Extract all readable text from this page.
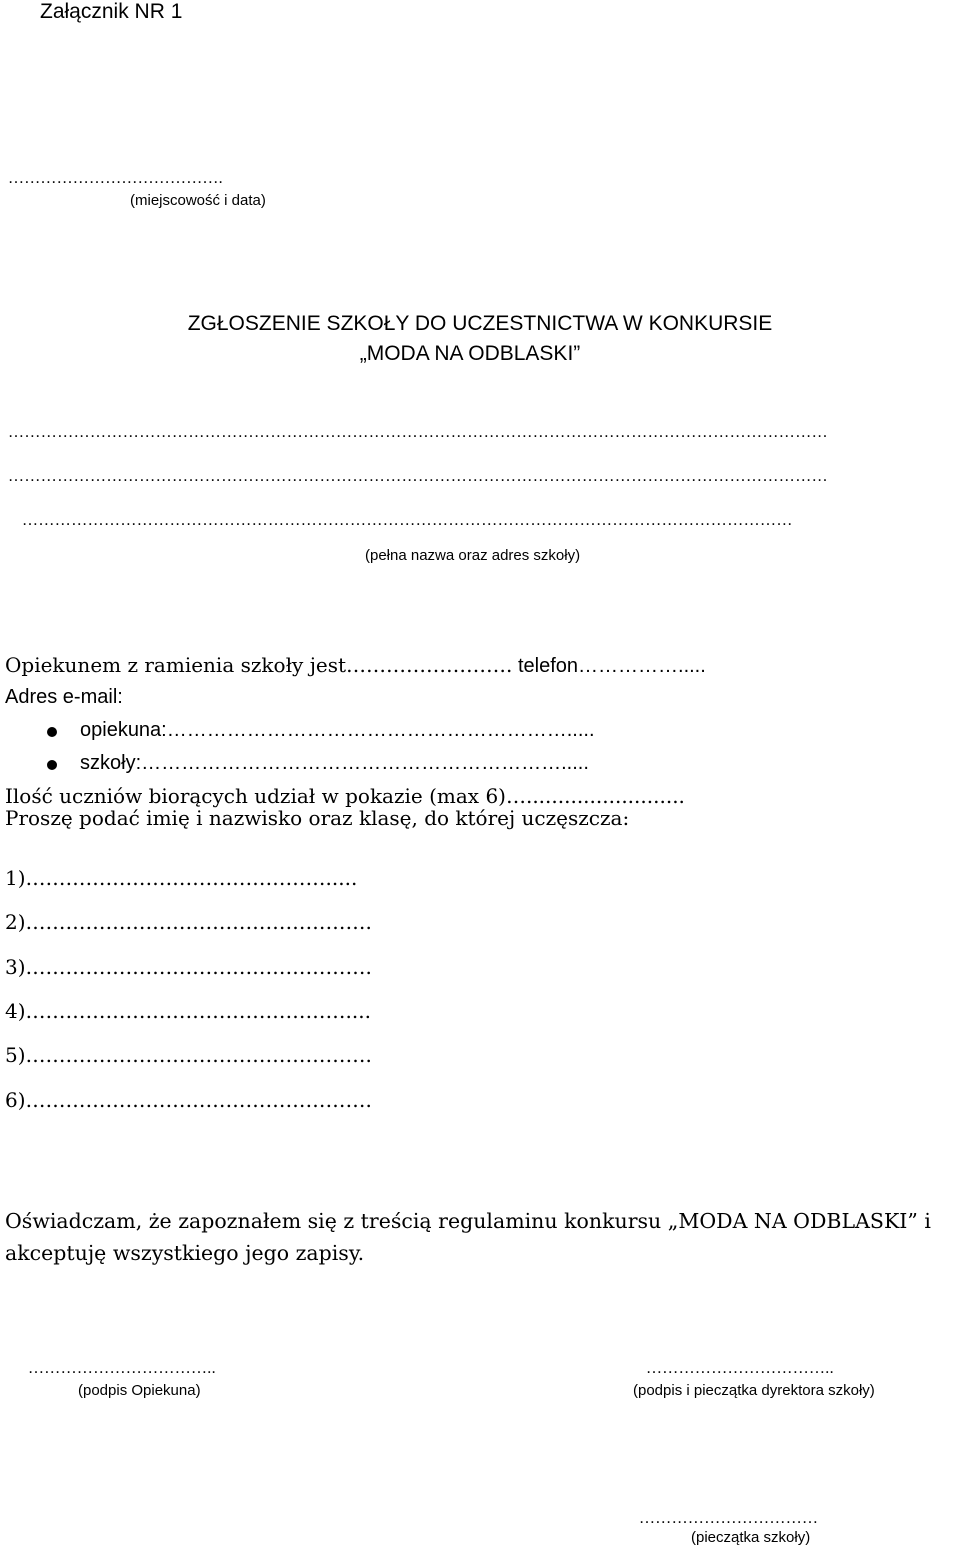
Załącznik NR 1
………………………………….
(miejscowość i data)
ZGŁOSZENIE SZKOŁY DO UCZESTNICTWA W KONKURSIE
„MODA NA ODBLASKI”
……………………………………………………………………………………………………………………………………
……………………………………………………………………………………………………………………………………
……………………………………………………………………………………………………………………………
(pełna nazwa oraz adres szkoły)
Opiekunem z ramienia szkoły jest……………………. telefon…………….....
Adres e-mail:
opiekuna:…………………………………………………….....
szkoły:……………………………………………………….....
Ilość uczniów biorących udział w pokazie (max 6)….........................
Proszę podać imię i nazwisko oraz klasę, do której uczęszcza:
1)……………………………………….....
2)…………………………………………….
3)…………………………………………….
4)…………………………………………....
5)…………………………………………….
6)…………………………………………….
Oświadczam, że zapoznałem się z treścią regulaminu konkursu „MODA NA ODBLASKI” i akceptuję wszystkiego jego zapisy.
……………………………..	……………………………..
(podpis Opiekuna)	(podpis i pieczątka dyrektora szkoły)
……………………………
(pieczątka szkoły)
